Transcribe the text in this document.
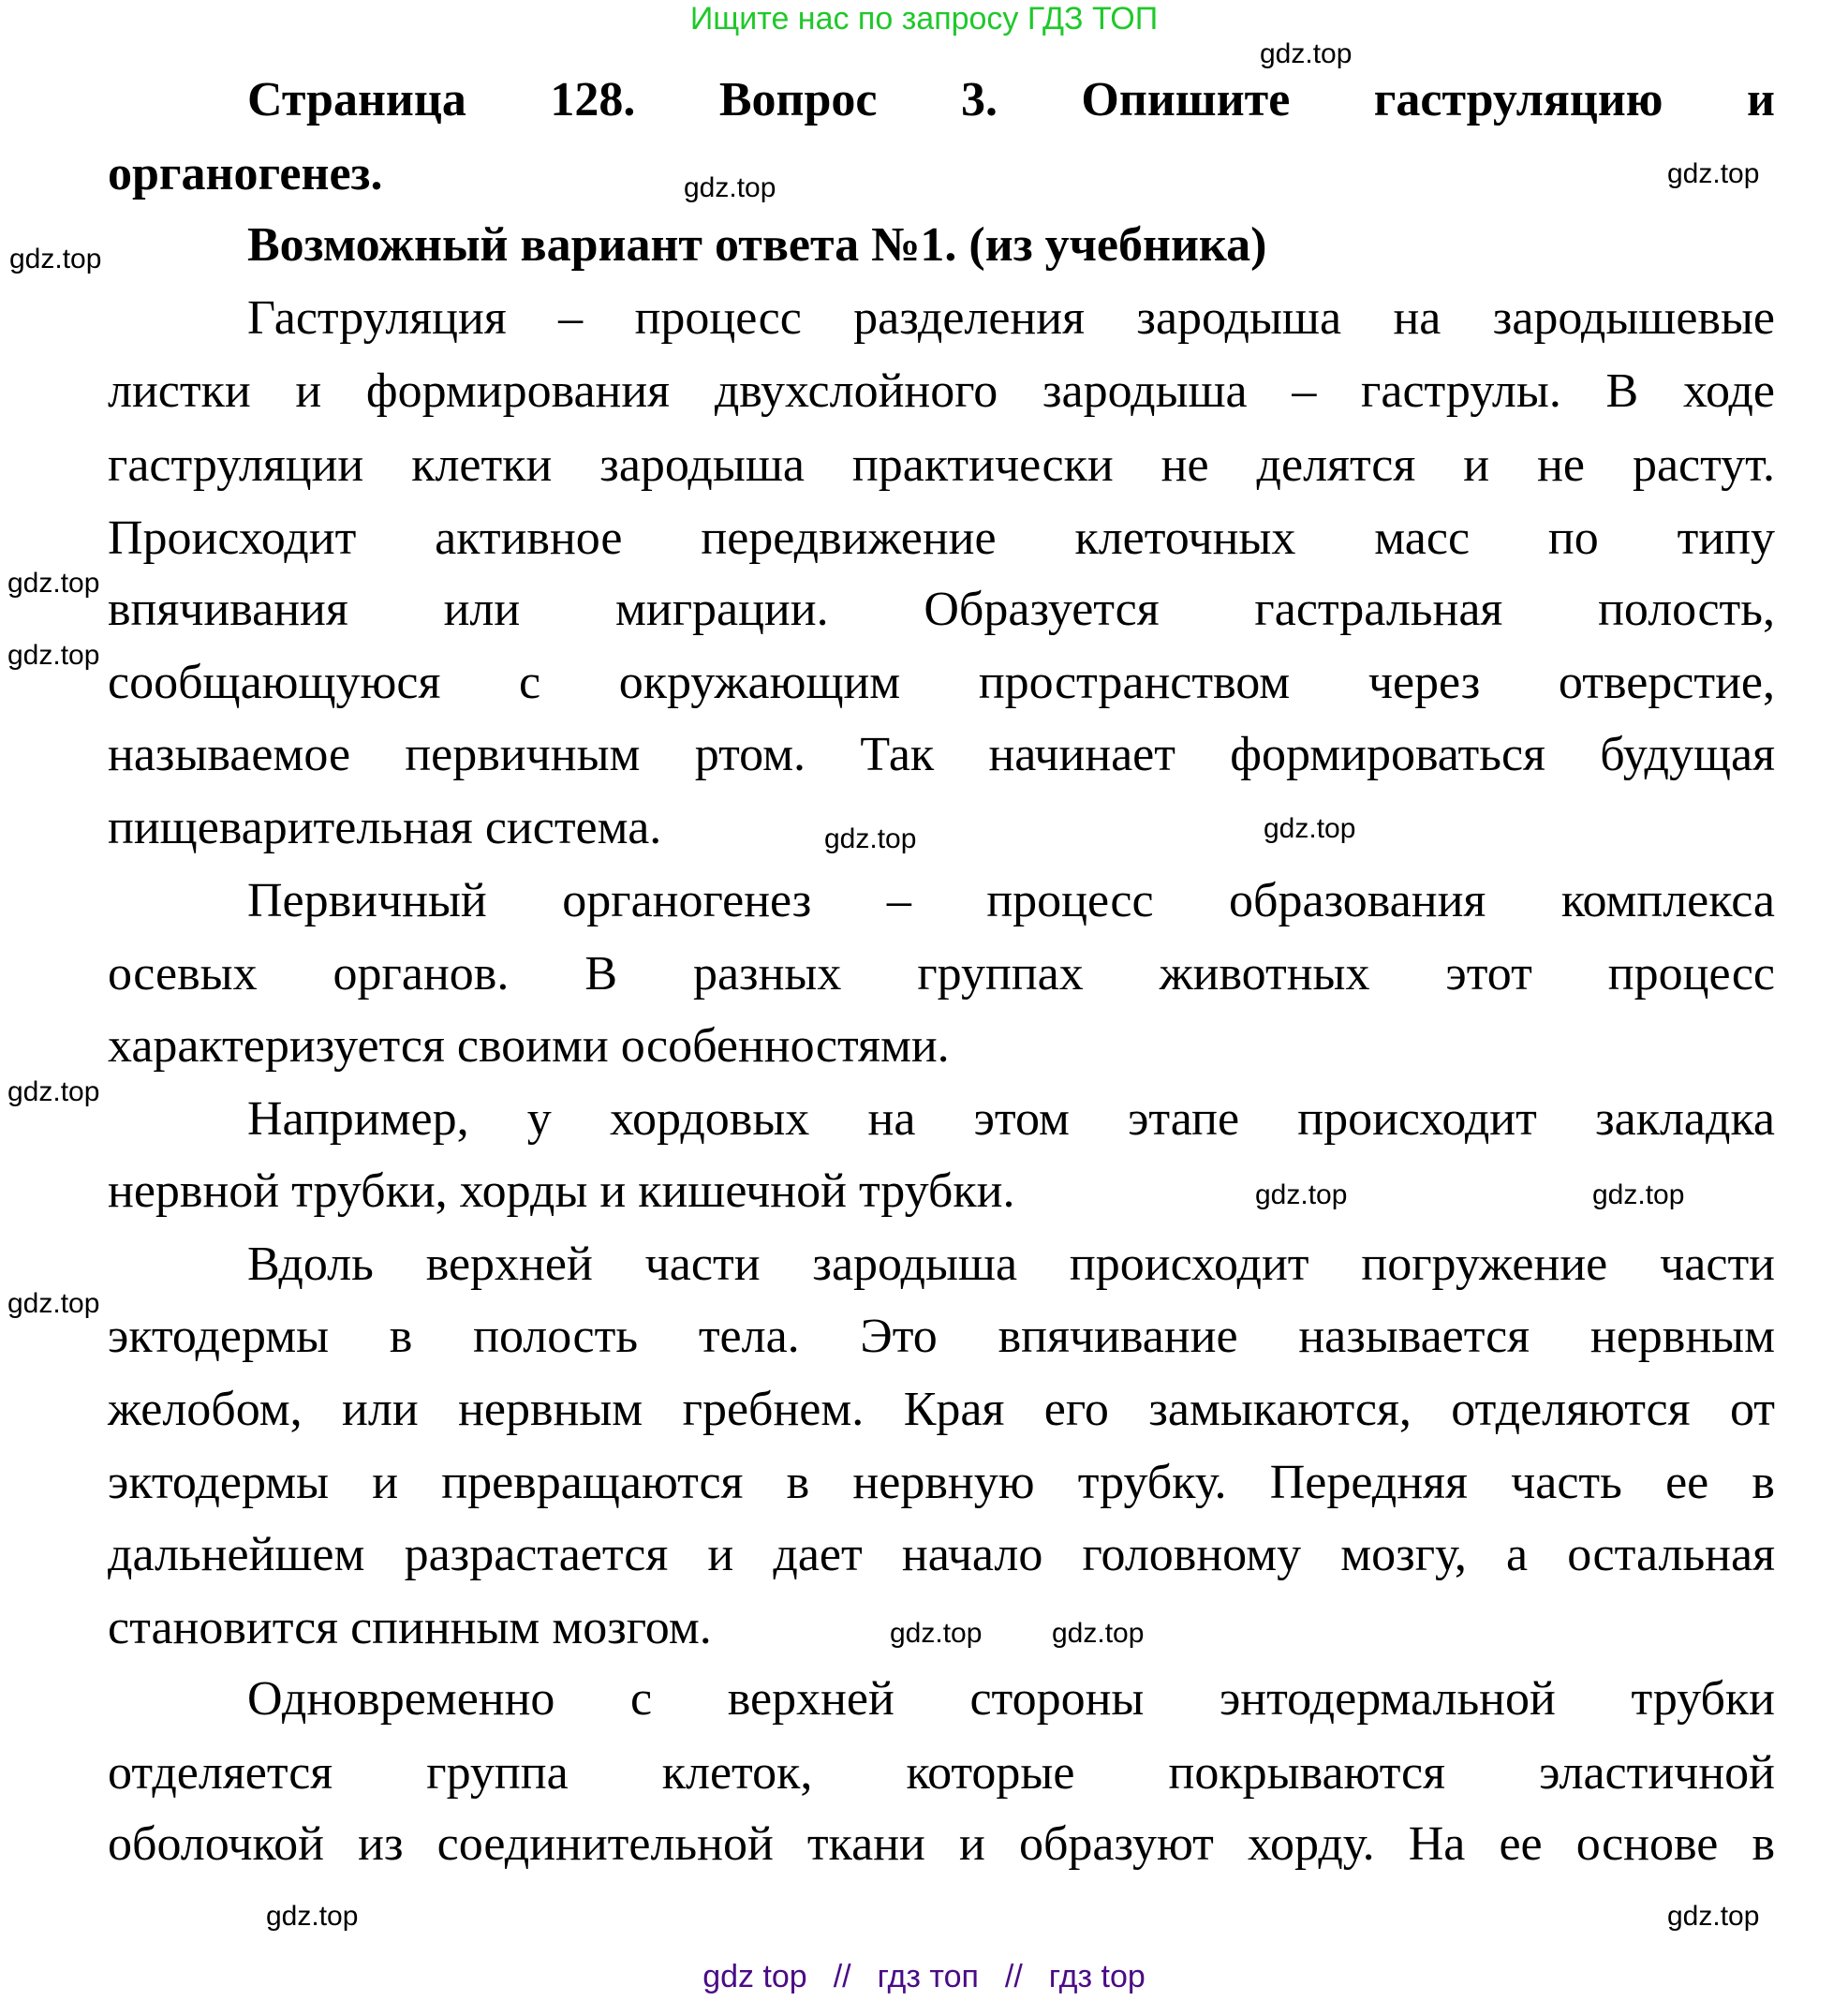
Ищите нас по запросу ГДЗ ТОП
Страница 128. Вопрос 3. Опишите гаструляцию и
органогенез.
Возможный вариант ответа №1. (из учебника)
Гаструляция – процесс разделения зародыша на зародышевые
листки и формирования двухслойного зародыша – гаструлы. В ходе
гаструляции клетки зародыша практически не делятся и не растут.
Происходит активное передвижение клеточных масс по типу
впячивания или миграции. Образуется гастральная полость,
сообщающуюся с окружающим пространством через отверстие,
называемое первичным ртом. Так начинает формироваться будущая
пищеварительная система.
Первичный органогенез – процесс образования комплекса
осевых органов. В разных группах животных этот процесс
характеризуется своими особенностями.
Например, у хордовых на этом этапе происходит закладка
нервной трубки, хорды и кишечной трубки.
Вдоль верхней части зародыша происходит погружение части
эктодермы в полость тела. Это впячивание называется нервным
желобом, или нервным гребнем. Края его замыкаются, отделяются от
эктодермы и превращаются в нервную трубку. Передняя часть ее в
дальнейшем разрастается и дает начало головному мозгу, а остальная
становится спинным мозгом.
Одновременно с верхней стороны энтодермальной трубки
отделяется группа клеток, которые покрываются эластичной
оболочкой из соединительной ткани и образуют хорду. На ее основе в
gdz.top
gdz.top
gdz.top
gdz.top
gdz.top
gdz.top
gdz.top
gdz.top
gdz.top
gdz.top	gdz.top
gdz.top
gdz.top
gdz.top
gdz.top
gdz.top
gdz top // гдз топ // гдз top
